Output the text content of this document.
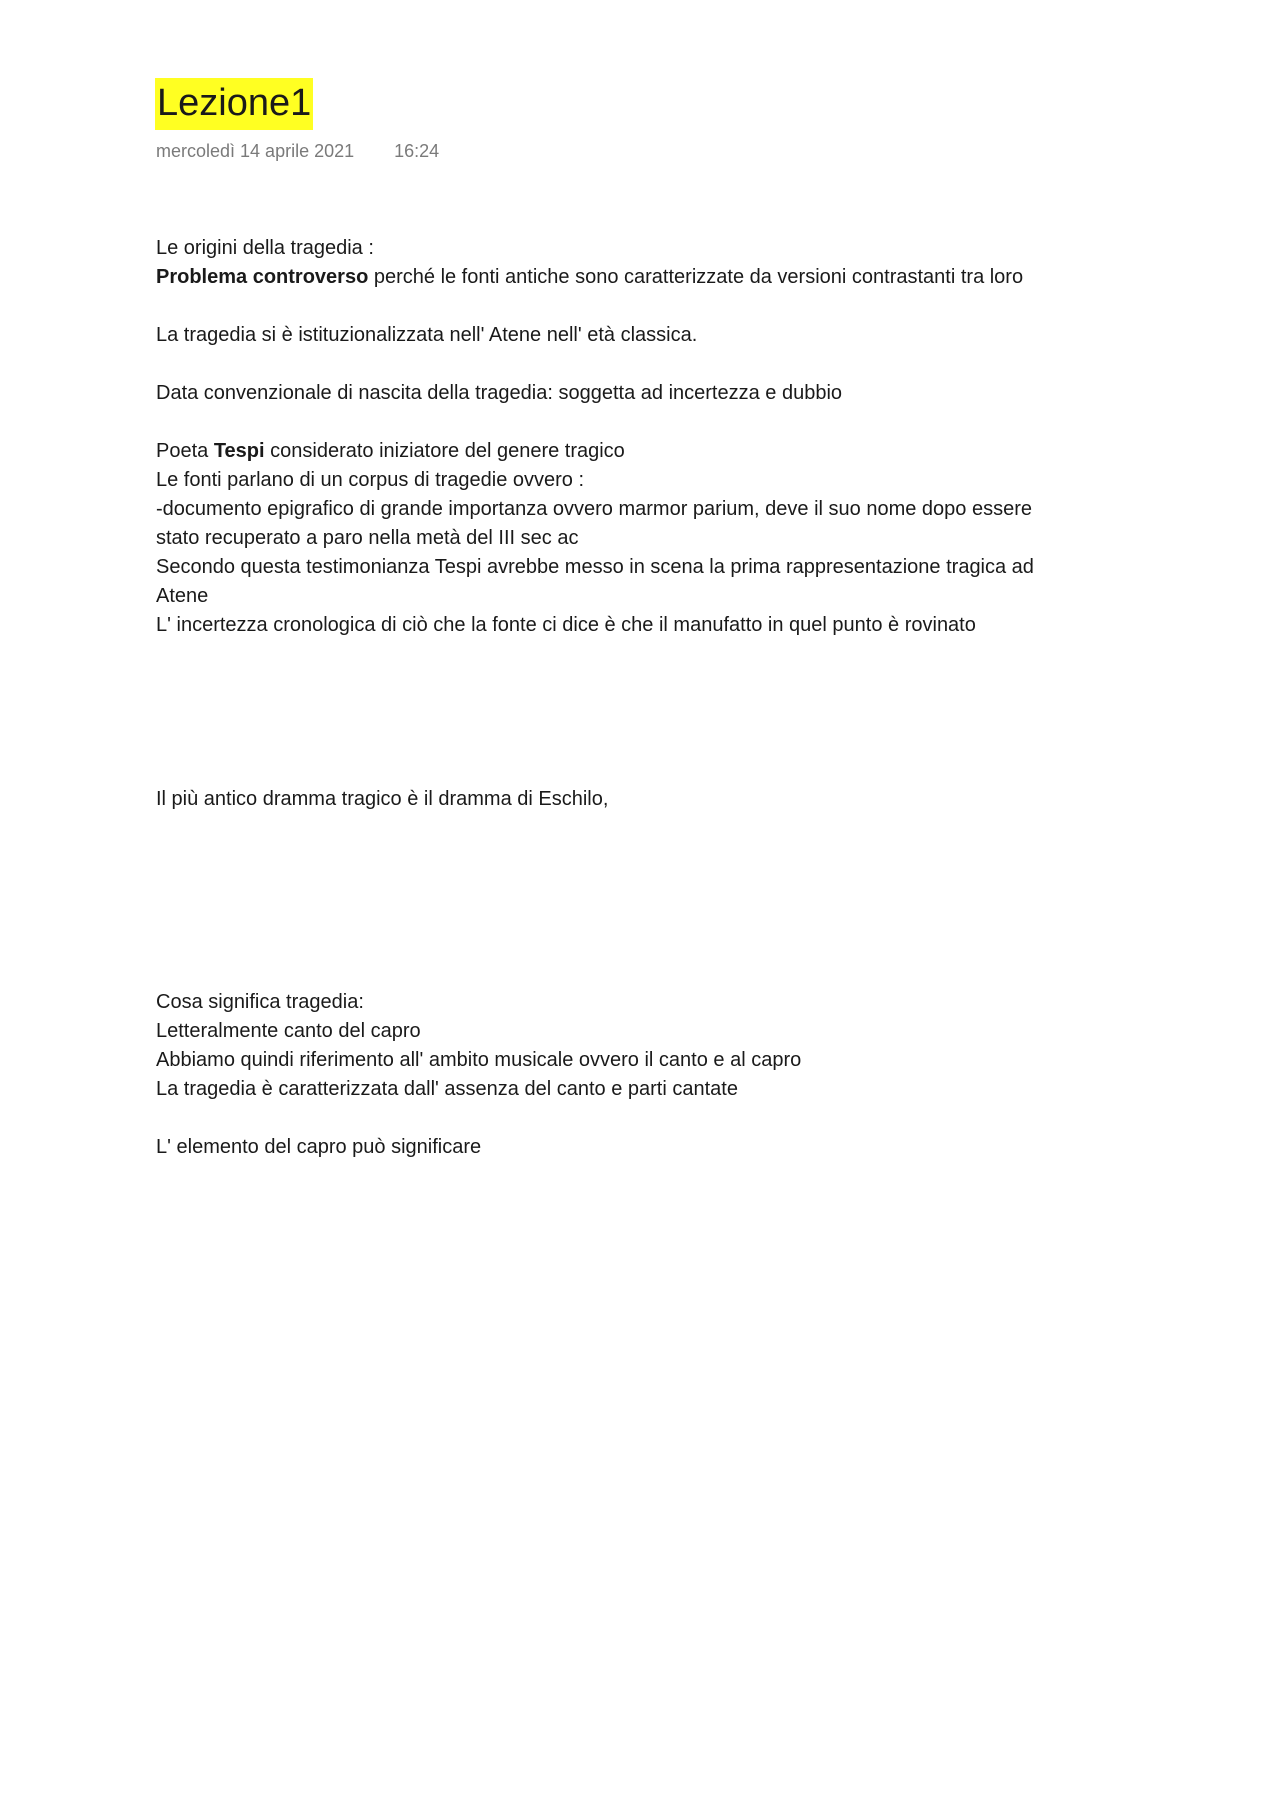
Lezione1
mercoledì 14 aprile 2021 16:24
Le origini della tragedia :
Problema controverso perché le fonti antiche sono caratterizzate da versioni contrastanti tra loro
La tragedia si è istituzionalizzata nell' Atene nell' età classica.
Data convenzionale di nascita della tragedia: soggetta ad incertezza e dubbio
Poeta Tespi considerato iniziatore del genere tragico
Le fonti parlano di un corpus di tragedie ovvero :
-documento epigrafico di grande importanza ovvero marmor parium, deve il suo nome dopo essere
stato recuperato a paro nella metà del III sec ac
Secondo questa testimonianza Tespi avrebbe messo in scena la prima rappresentazione tragica ad
Atene
L' incertezza cronologica di ciò che la fonte ci dice è che il manufatto in quel punto è rovinato
Il più antico dramma tragico è il dramma di Eschilo,
Cosa significa tragedia:
Letteralmente canto del capro
Abbiamo quindi riferimento all' ambito musicale ovvero il canto e al capro
La tragedia è caratterizzata dall' assenza del canto e parti cantate
L' elemento del capro può significare
